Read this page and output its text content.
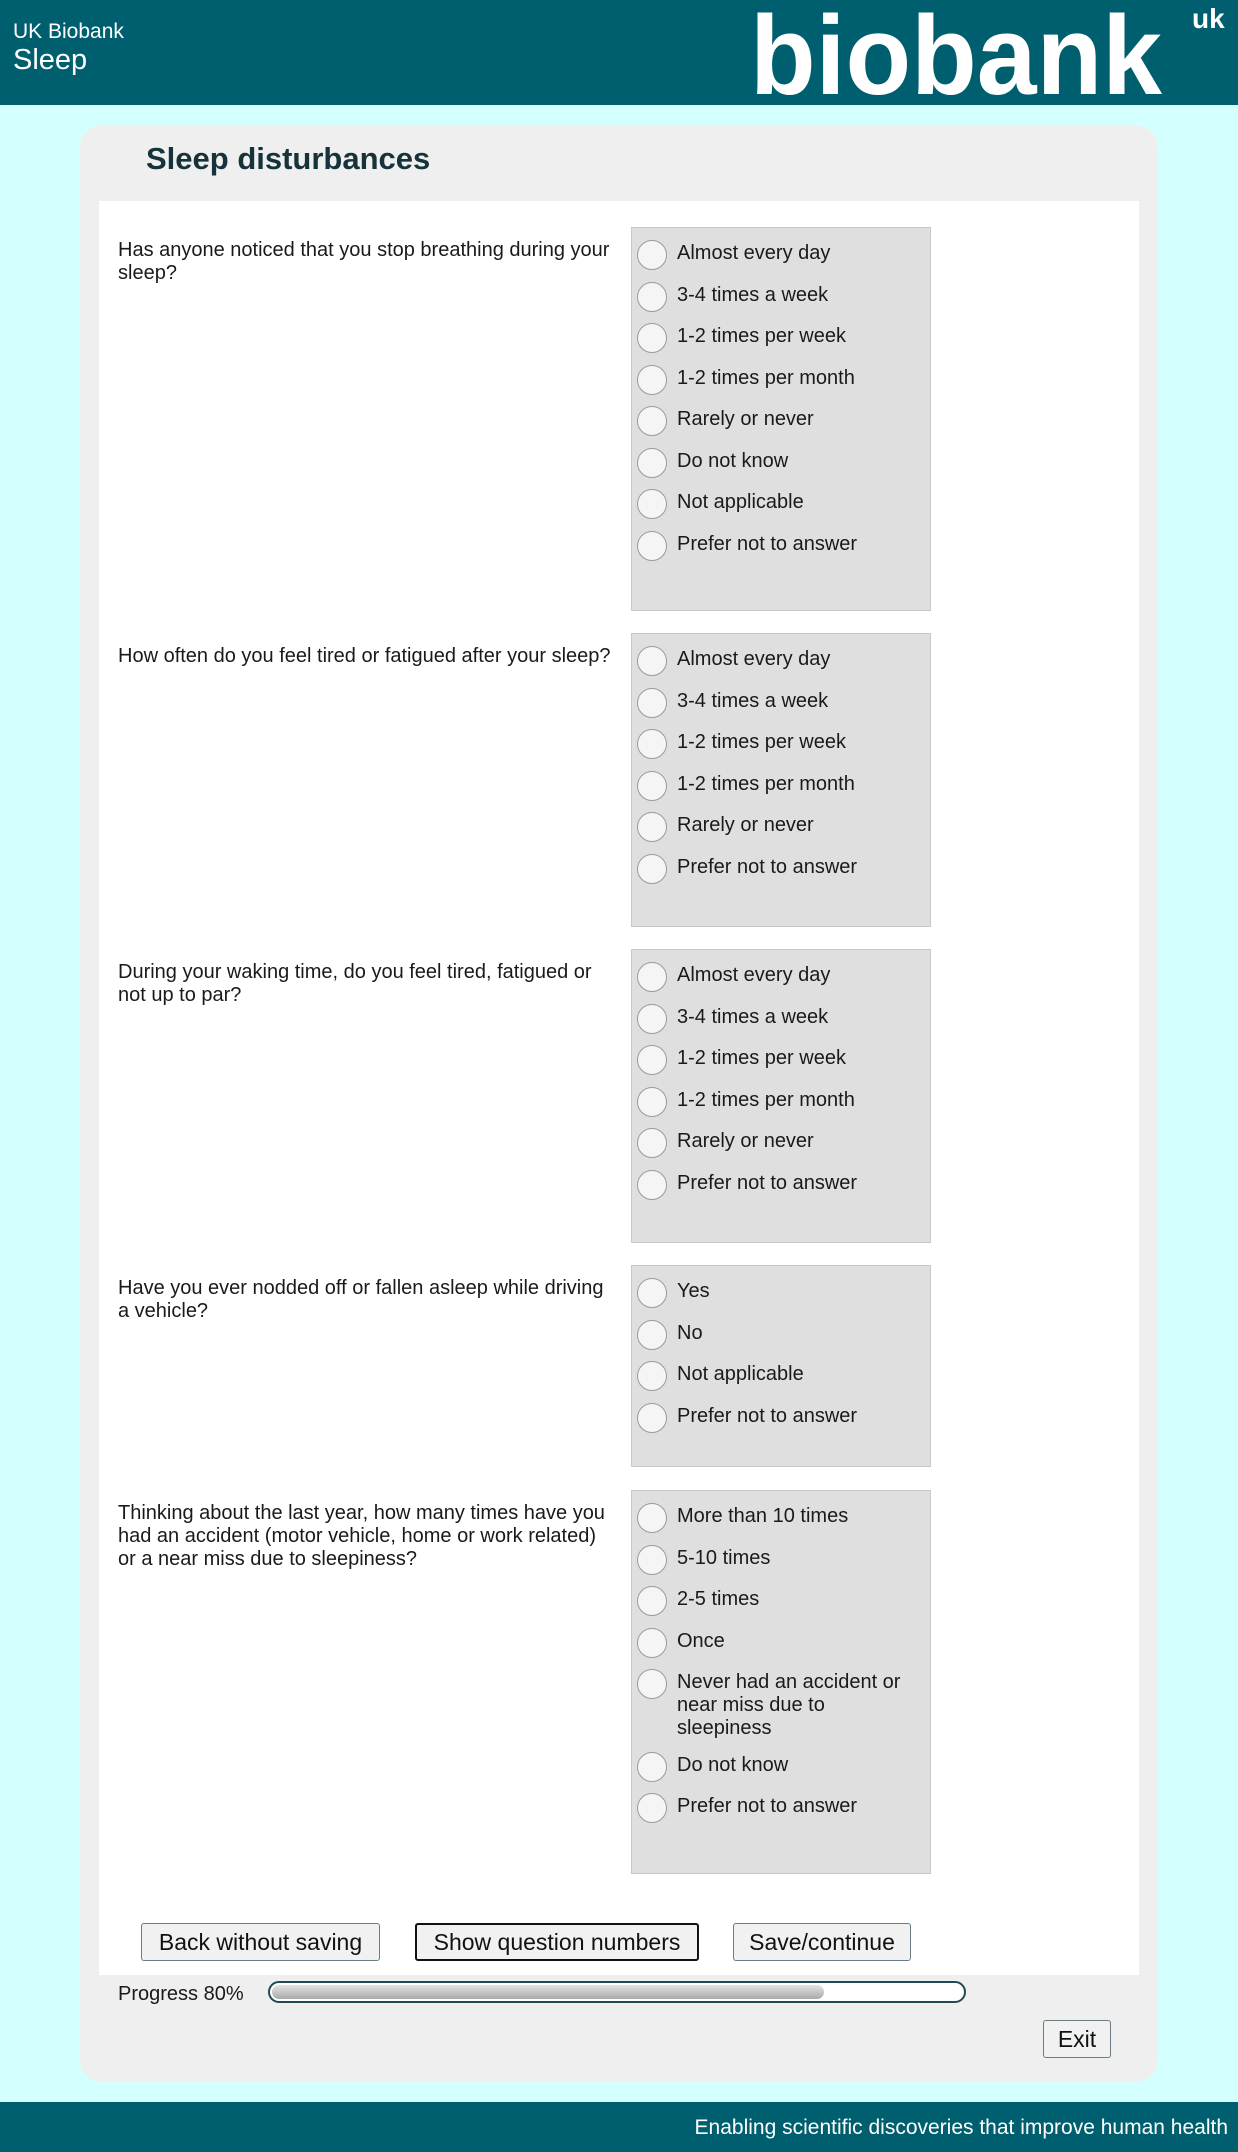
UK Biobank
Sleep	biobank uk
Sleep disturbances
Has anyone noticed that you stop breathing during your sleep?
Almost every day
3-4 times a week
1-2 times per week
1-2 times per month
Rarely or never
Do not know
Not applicable
Prefer not to answer
How often do you feel tired or fatigued after your sleep?	Almost every day
3-4 times a week
1-2 times per week
1-2 times per month
Rarely or never
Prefer not to answer
During your waking time, do you feel tired, fatigued or not up to par?
Almost every day
3-4 times a week
1-2 times per week
1-2 times per month
Rarely or never
Prefer not to answer
Have you ever nodded off or fallen asleep while driving a vehicle?
Yes
No
Not applicable
Prefer not to answer
Thinking about the last year, how many times have you had an accident (motor vehicle, home or work related) or a near miss due to sleepiness?
More than 10 times
5-10 times
2-5 times
Once
Never had an accident or near miss due to sleepiness
Do not know
Prefer not to answer
Back without saving	Show question numbers	Save/continue
Progress 80%
Exit
Enabling scientific discoveries that improve human health
